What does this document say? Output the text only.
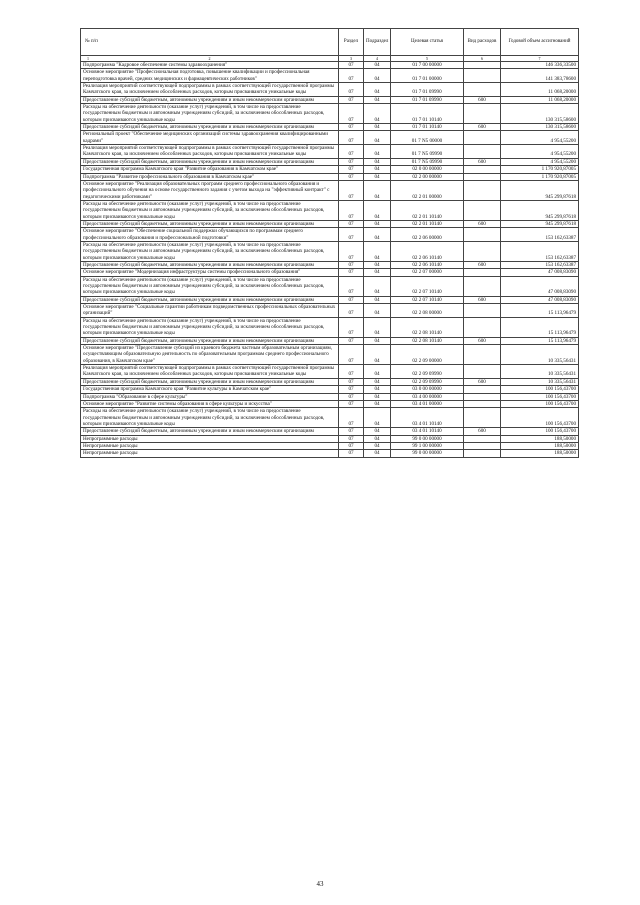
№ п/п	Раздел	Подраздел	Целевая статья	Вид расходов	Годовой объем ассигнований

1 2	3	4	5	6	7
Подпрограмма "Кадровое обеспечение системы здравоохранения"	07	04	01 7 00 00000		146 336,33500
Основное мероприятие "Профессиональная подготовка, повышение квалификации и профессиональная переподготовка врачей, средних медицинских и фармацевтических работников"	07	04	01 7 01 00000		141 383,78600
Реализация мероприятий соответствующей подпрограммы в рамках соответствующей государственной программы Камчатского края, за исключением обособленных расходов, которым присваиваются уникальные коды	07	04	01 7 01 09990		11 068,20000
Предоставление субсидий бюджетным, автономным учреждениям и иным некоммерческим организациям	07	04	01 7 01 09990	600	11 068,20000
Расходы на обеспечение деятельности (оказание услуг) учреждений, в том числе на предоставление государственным бюджетным и автономным учреждениям субсидий, за исключением обособленных расходов, которым присваиваются уникальные коды	07	04	01 7 01 10140		130 315,58600
Предоставление субсидий бюджетным, автономным учреждениям и иным некоммерческим организациям	07	04	01 7 01 10140	600	130 315,58600
Региональный проект "Обеспечение медицинских организаций системы здравоохранения квалифицированными кадрами"	07	04	01 7 N5 00000		4 954,55200
Реализация мероприятий соответствующей подпрограммы в рамках соответствующей государственной программы Камчатского края, за исключением обособленных расходов, которым присваиваются уникальные коды	07	04	01 7 N5 09990		4 954,55200
Предоставление субсидий бюджетным, автономным учреждениям и иным некоммерческим организациям	07	04	01 7 N5 09990	600	4 954,55200
Государственная программа Камчатского края "Развитие образования в Камчатском крае"	07	04	02 0 00 00000		1 170 920,87005
Подпрограмма "Развитие профессионального образования в Камчатском крае"	07	04	02 2 00 00000		1 170 920,87005
Основное мероприятие "Реализация образовательных программ среднего профессионального образования и профессионального обучения на основе государственного задания с учетом выхода на "эффективный контракт" с педагогическими работниками"	07	04	02 2 01 00000		945 299,87618
Расходы на обеспечение деятельности (оказание услуг) учреждений, в том числе на предоставление государственным бюджетным и автономным учреждениям субсидий, за исключением обособленных расходов, которым присваиваются уникальные коды	07	04	02 2 01 10140		945 299,87618
Предоставление субсидий бюджетным, автономным учреждениям и иным некоммерческим организациям	07	04	02 2 01 10140	600	945 299,87618
Основное мероприятие "Обеспечение социальной поддержки обучающихся по программам среднего профессионального образования и профессиональной подготовки"	07	04	02 2 06 00000		153 162,63387
Расходы на обеспечение деятельности (оказание услуг) учреждений, в том числе на предоставление государственным бюджетным и автономным учреждениям субсидий, за исключением обособленных расходов, которым присваиваются уникальные коды	07	04	02 2 06 10140		153 162,63387
Предоставление субсидий бюджетным, автономным учреждениям и иным некоммерческим организациям	07	04	02 2 06 10140	600	153 162,63387
Основное мероприятие "Модернизация инфраструктуры системы профессионального образования"	07	04	02 2 07 00000		47 008,83090
Расходы на обеспечение деятельности (оказание услуг) учреждений, в том числе на предоставление государственным бюджетным и автономным учреждениям субсидий, за исключением обособленных расходов, которым присваиваются уникальные коды	07	04	02 2 07 10140		47 008,83090
Предоставление субсидий бюджетным, автономным учреждениям и иным некоммерческим организациям	07	04	02 2 07 10140	600	47 008,83090
Основное мероприятие "Социальные гарантии работникам подведомственных профессиональных образовательных организаций"	07	04	02 2 08 00000		15 113,96479
Расходы на обеспечение деятельности (оказание услуг) учреждений, в том числе на предоставление государственным бюджетным и автономным учреждениям субсидий, за исключением обособленных расходов, которым присваиваются уникальные коды	07	04	02 2 08 10140		15 113,96479
Предоставление субсидий бюджетным, автономным учреждениям и иным некоммерческим организациям	07	04	02 2 08 10140	600	15 113,96479
Основное мероприятие "Предоставление субсидий из краевого бюджета частным образовательным организациям, осуществляющим образовательную деятельность по образовательным программам среднего профессионального образования, в Камчатском крае"	07	04	02 2 09 00000		10 335,56431
Реализация мероприятий соответствующей подпрограммы в рамках соответствующей государственной программы Камчатского края, за исключением обособленных расходов, которым присваиваются уникальные коды	07	04	02 2 09 09990		10 335,56431
Предоставление субсидий бюджетным, автономным учреждениям и иным некоммерческим организациям	07	04	02 2 09 09990	600	10 335,56431
Государственная программа Камчатского края "Развитие культуры в Камчатском крае"	07	04	03 0 00 00000		100 156,43700
Подпрограмма "Образование в сфере культуры"	07	04	03 4 00 00000		100 156,43700
Основное мероприятие "Развитие системы образования в сфере культуры и искусства"	07	04	03 4 01 00000		100 156,43700
Расходы на обеспечение деятельности (оказание услуг) учреждений, в том числе на предоставление государственным бюджетным и автономным учреждениям субсидий, за исключением обособленных расходов, которым присваиваются уникальные коды	07	04	03 4 01 10140		100 156,43700
Предоставление субсидий бюджетным, автономным учреждениям и иным некоммерческим организациям	07	04	03 4 01 10140	600	100 156,43700
Непрограммные расходы	07	04	99 0 00 00000		188,50000
Непрограммные расходы	07	04	99 1 00 00000		188,50000
Непрограммные расходы	07	04	99 0 00 00000		188,50000
43
